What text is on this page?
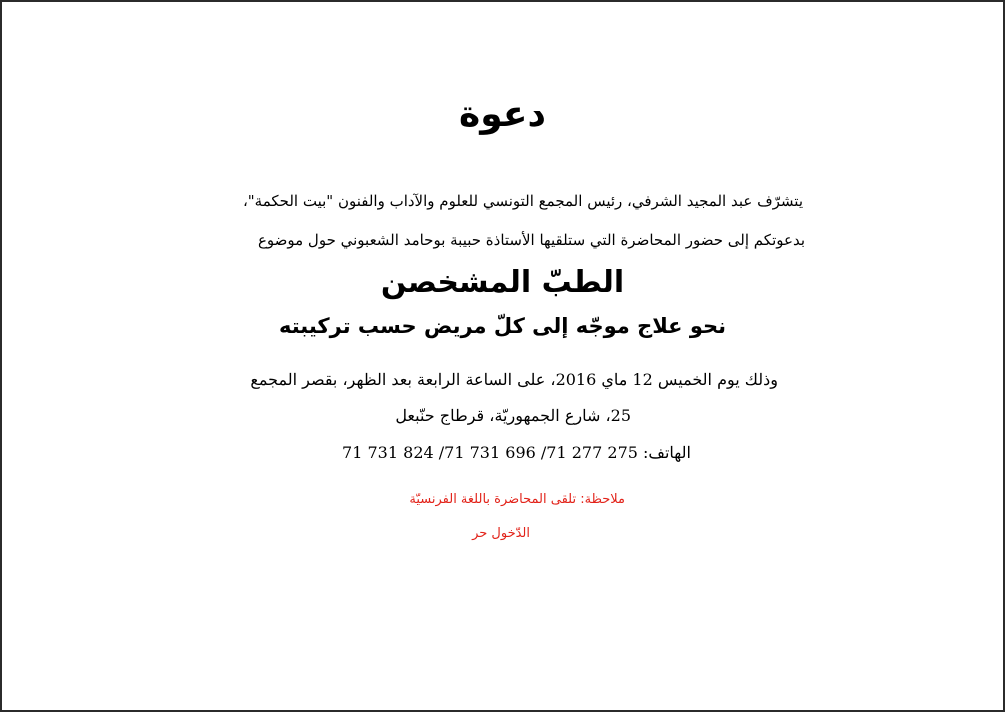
دعوة

يتشرّف عبد المجيد الشرفي، رئيس المجمع التونسي للعلوم والآداب والفنون "بيت الحكمة"،

بدعوتكم إلى حضور المحاضرة التي ستلقيها الأستاذة حبيبة بوحامد الشعبوني حول موضوع

الطبّ المشخصن
نحو علاج موجّه إلى كلّ مريض حسب تركيبته

وذلك يوم الخميس 12 ماي 2016، على الساعة الرابعة بعد الظهر، بقصر المجمع

25، شارع الجمهوريّة، قرطاج حنّبعل

الهاتف: 275 277 71/ 696 731 71/ 824 731 71

ملاحظة: تلقى المحاضرة باللغة الفرنسيّة

الدّخول حر
